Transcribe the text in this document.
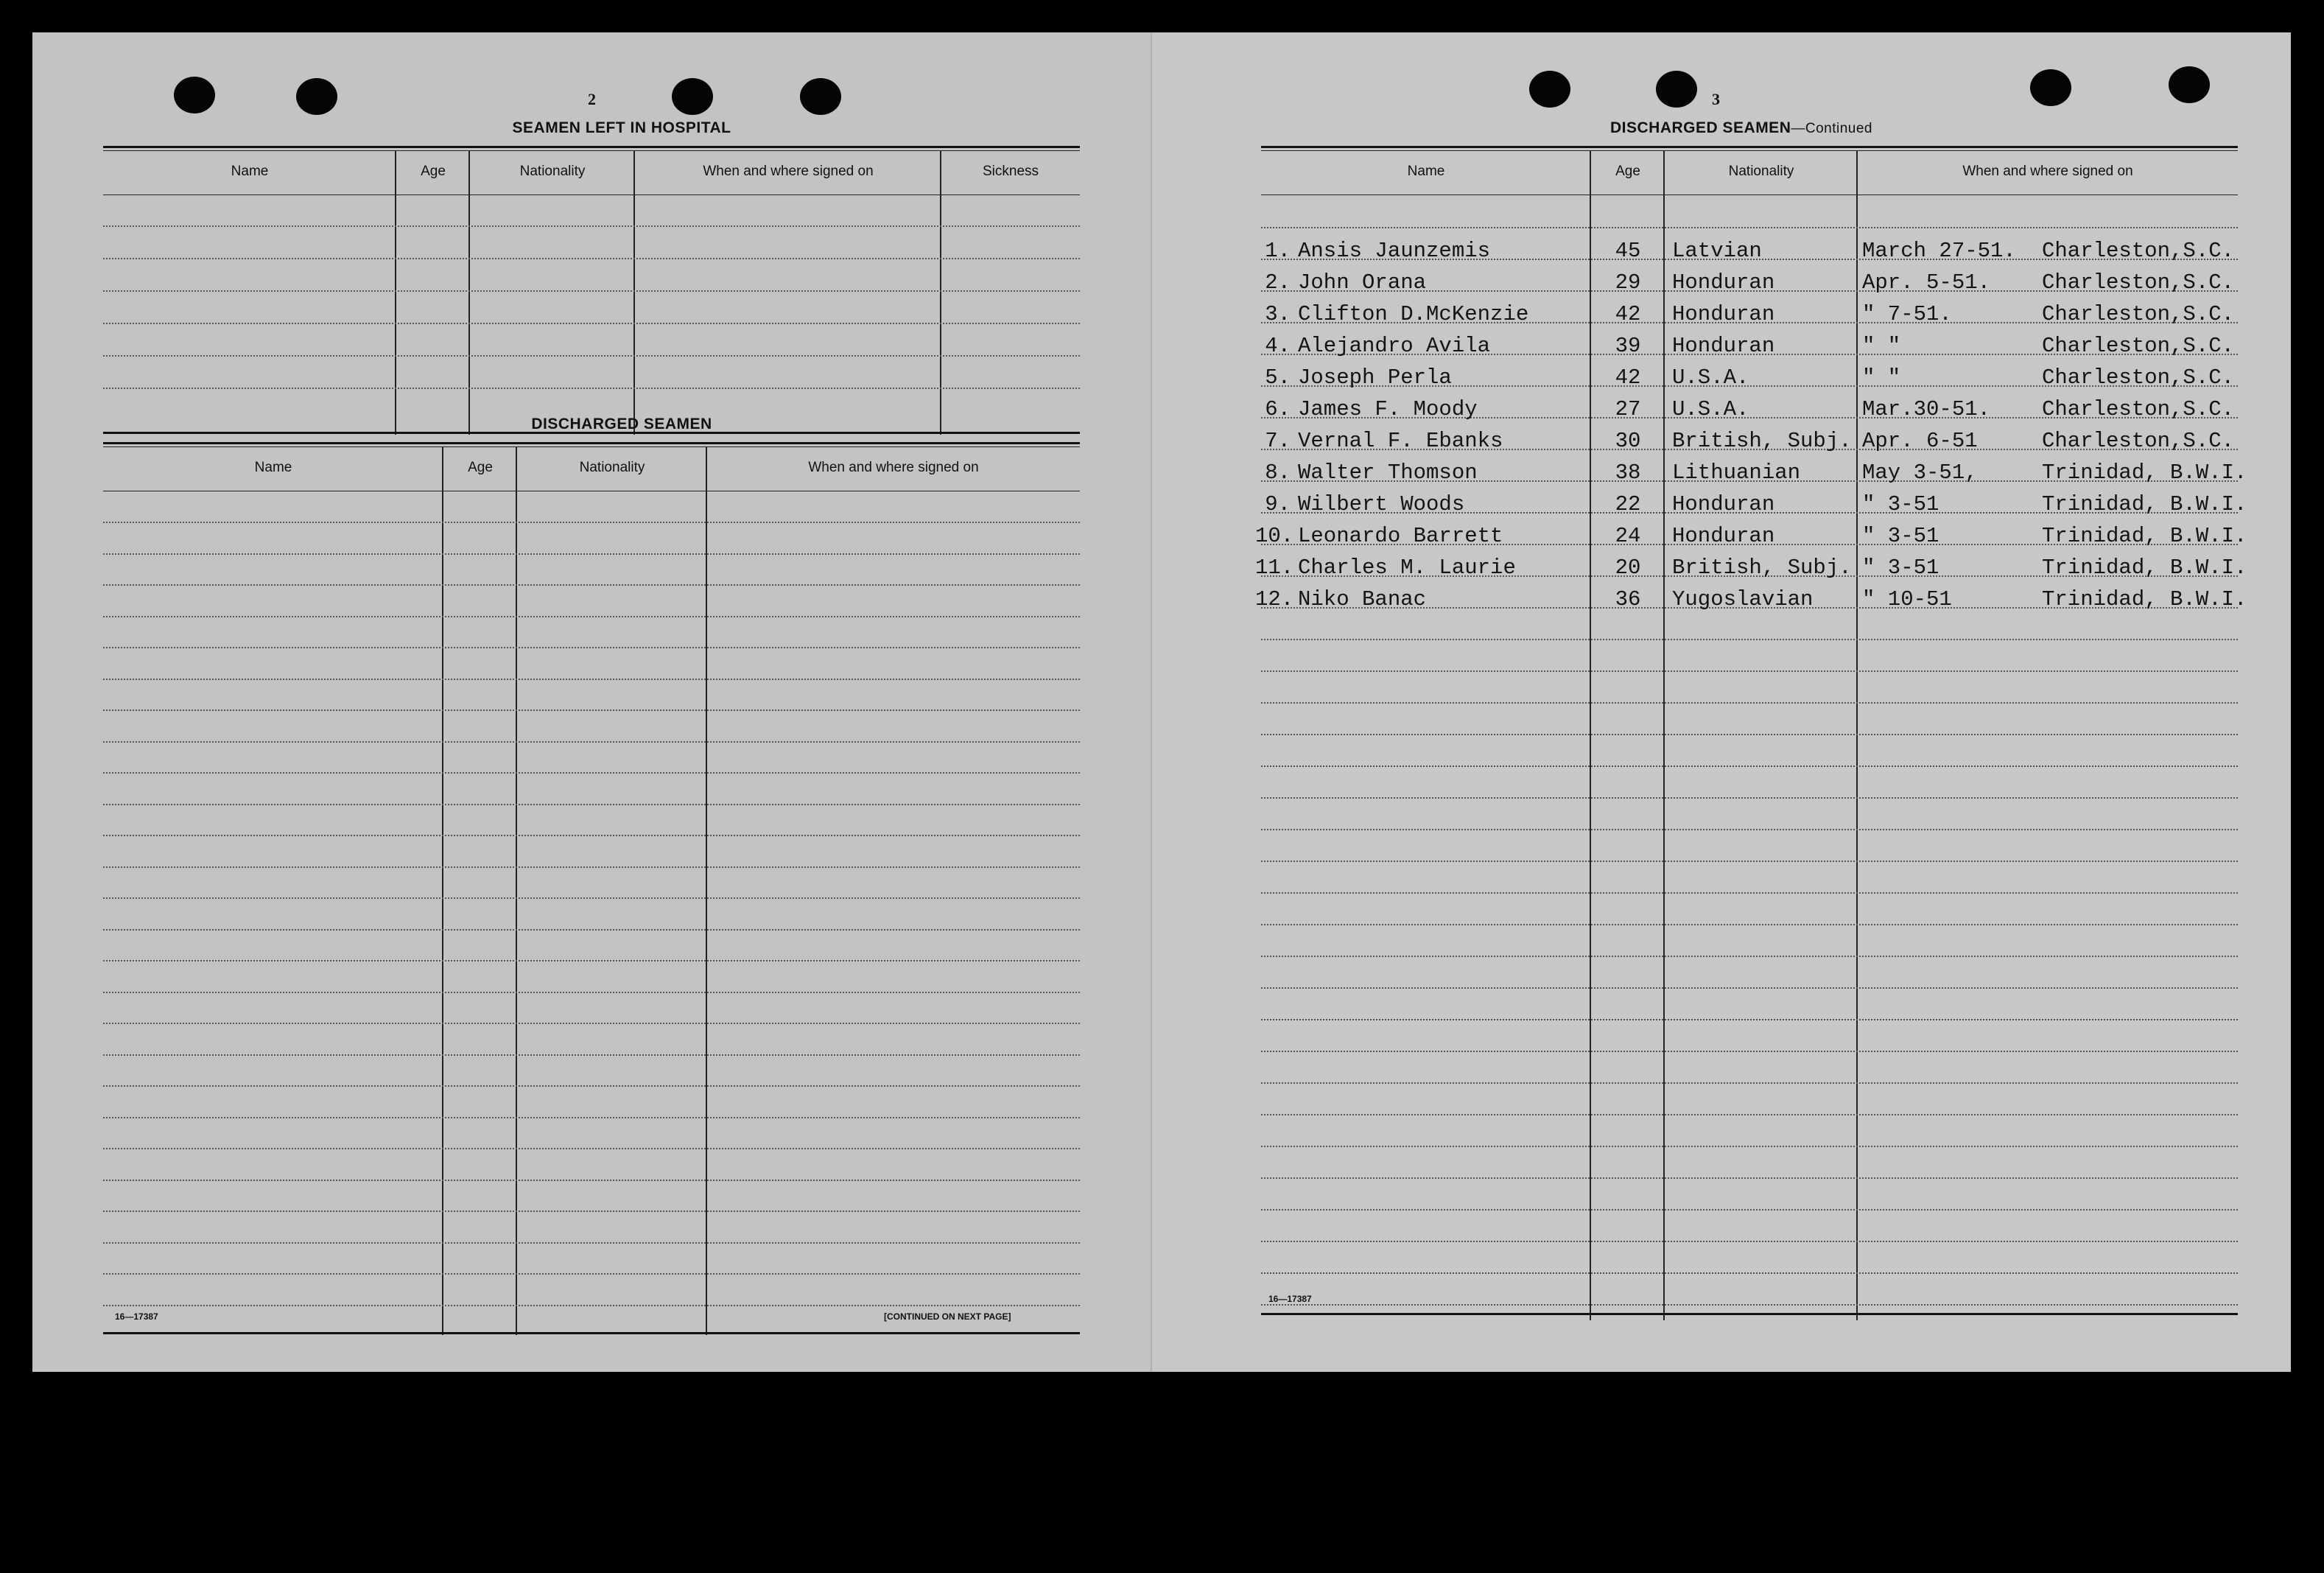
2
SEAMEN LEFT IN HOSPITAL
Name	Age	Nationality	When and where signed on	Sickness
DISCHARGED SEAMEN
Name	Age	Nationality	When and where signed on
16—17387	[CONTINUED ON NEXT PAGE]
3
DISCHARGED SEAMEN—Continued
Name	Age	Nationality	When and where signed on
1. Ansis Jaunzemis	45	Latvian	March 27-51. Charleston,S.C.
2. John Orana	29	Honduran	Apr. 5-51. Charleston,S.C.
3. Clifton D.McKenzie	42	Honduran	" 7-51.	Charleston,S.C.
4. Alejandro Avila	39	Honduran	" "	Charleston,S.C.
5. Joseph Perla	42	U.S.A.	" "	Charleston,S.C.
6. James F. Moody	27	U.S.A.	Mar.30-51. Charleston,S.C.
7. Vernal F. Ebanks	30	British, Subj. Apr. 6-51	Charleston,S.C.
8. Walter Thomson	38	Lithuanian	May 3-51,	Trinidad, B.W.I.
9. Wilbert Woods	22	Honduran	" 3-51	Trinidad, B.W.I.
10. Leonardo Barrett	24	Honduran	" 3-51	Trinidad, B.W.I.
11. Charles M. Laurie	20	British, Subj. " 3-51	Trinidad, B.W.I.
12. Niko Banac	36	Yugoslavian " 10-51	Trinidad, B.W.I.
16—17387
